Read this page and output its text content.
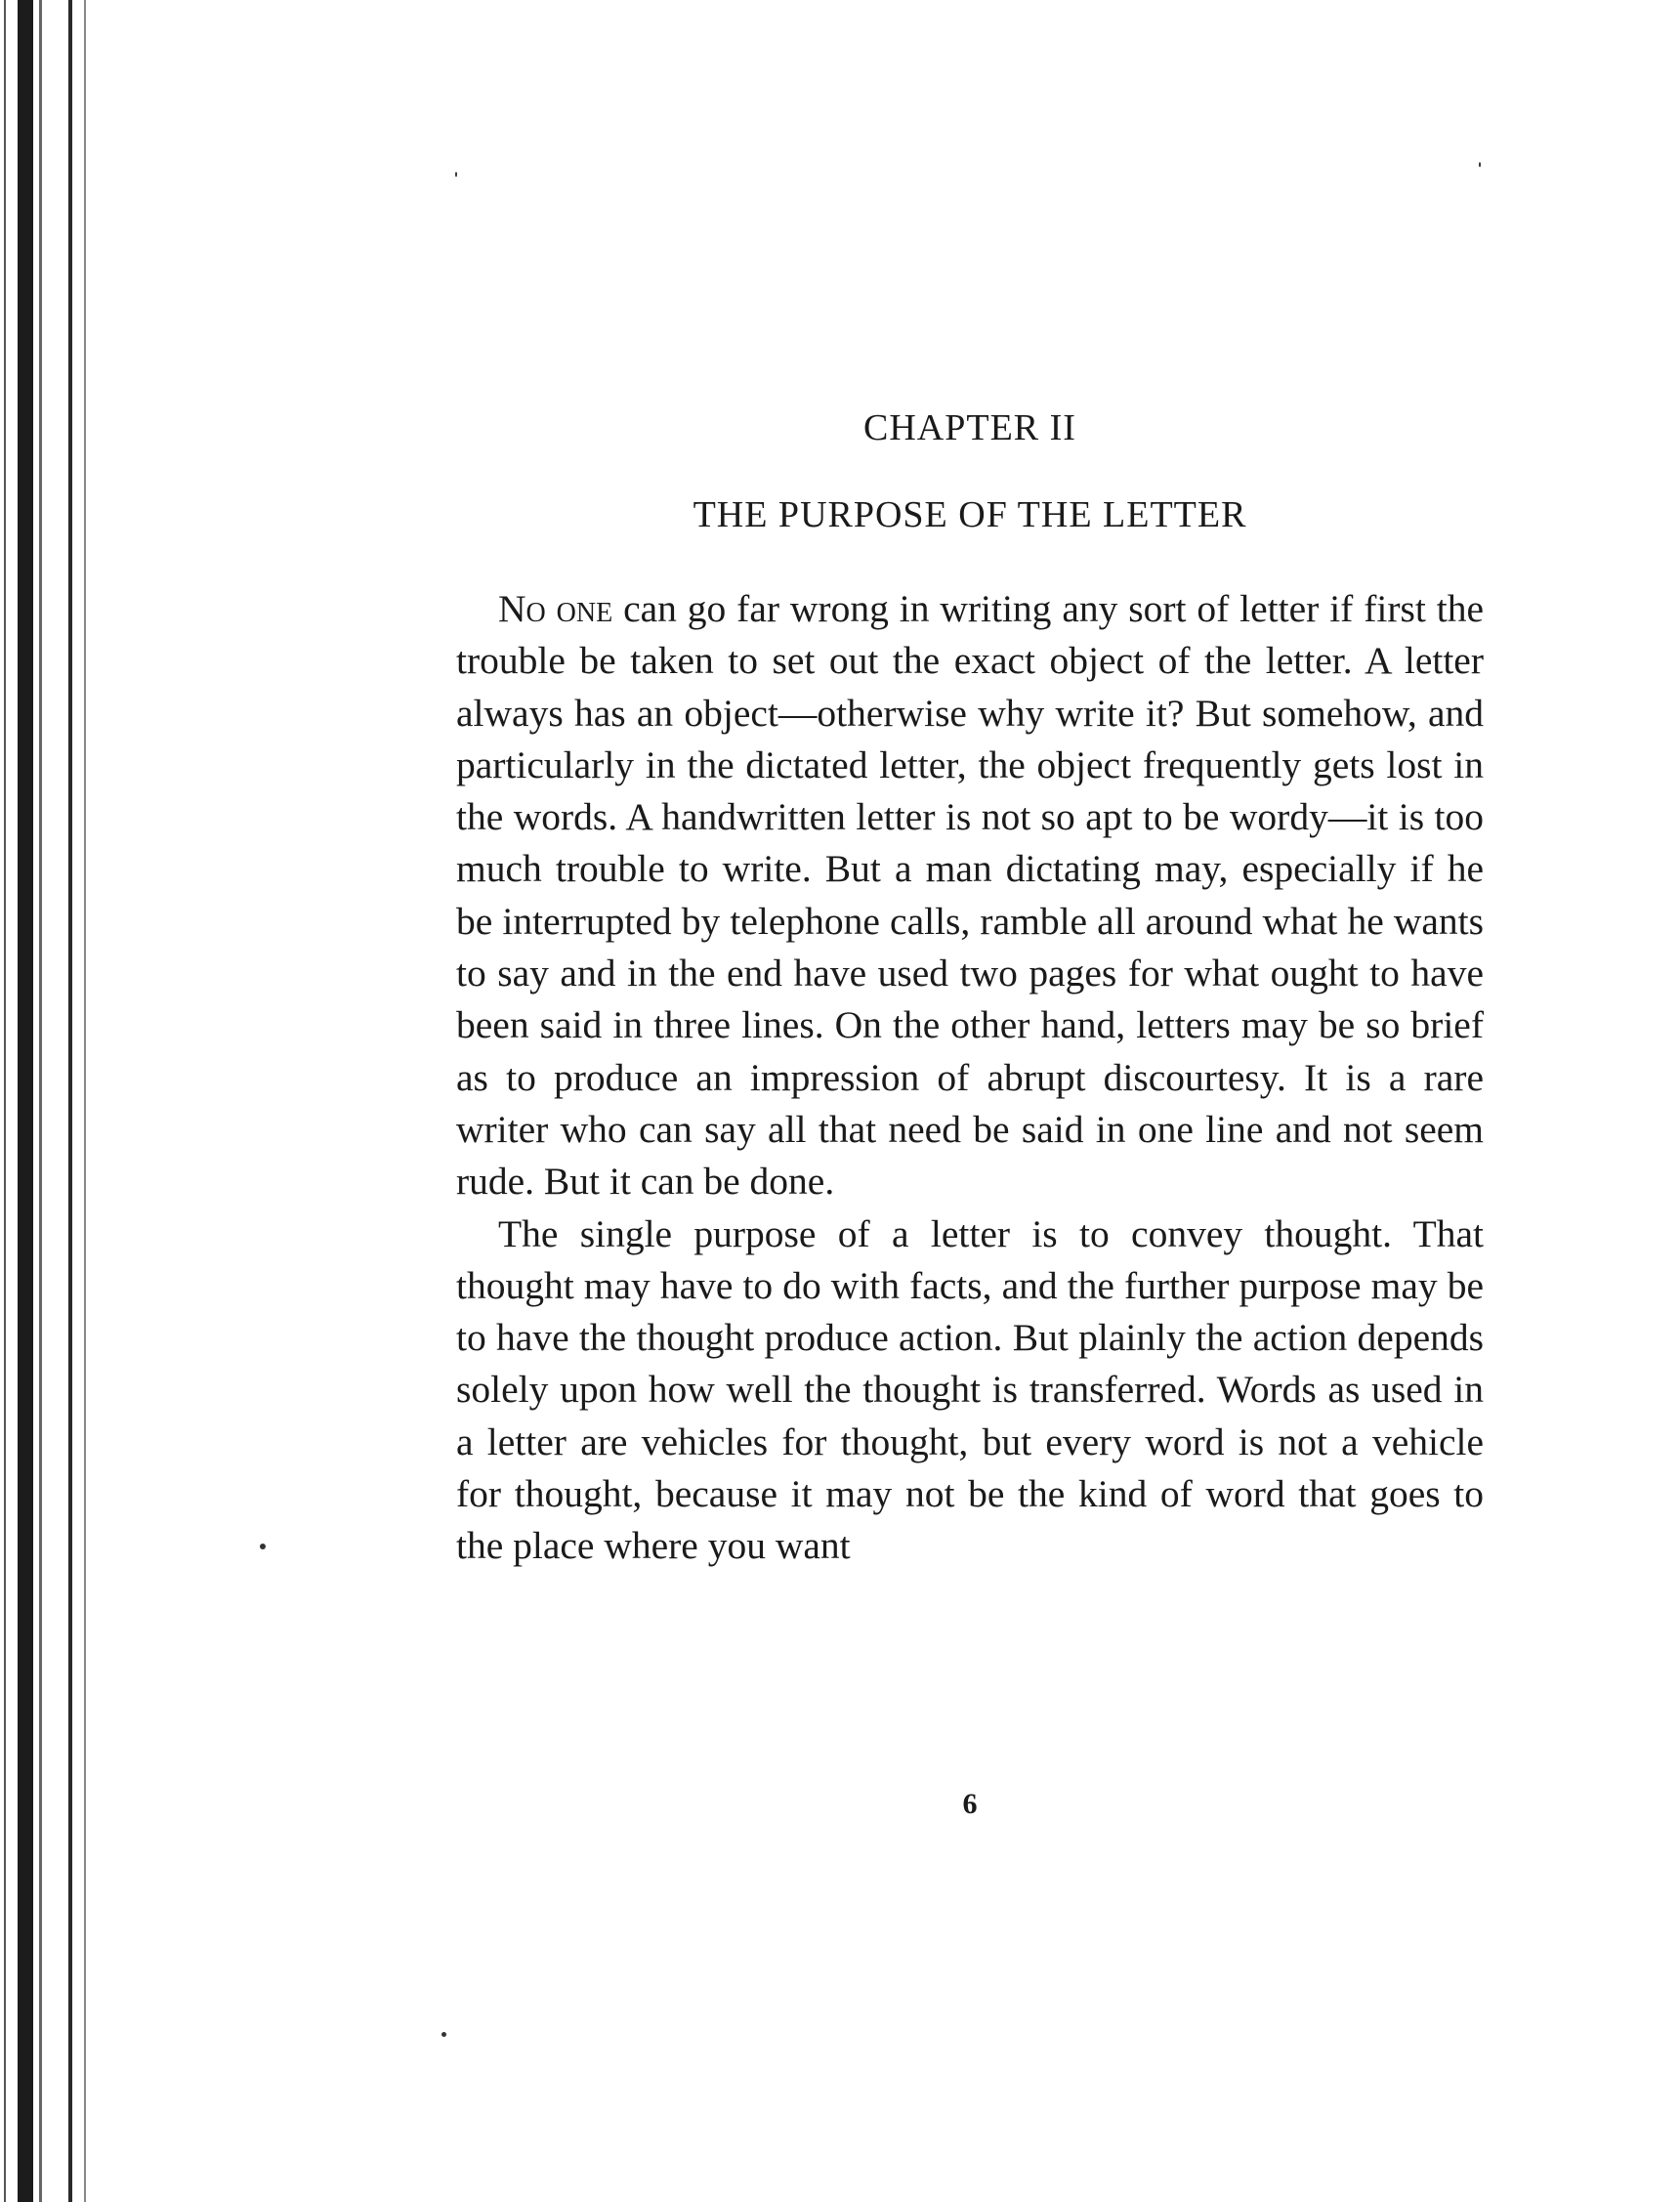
CHAPTER II
THE PURPOSE OF THE LETTER

No one can go far wrong in writing any sort of letter if first the trouble be taken to set out the exact object of the letter. A letter always has an object—otherwise why write it? But somehow, and particularly in the dictated letter, the object frequently gets lost in the words. A handwritten letter is not so apt to be wordy—it is too much trouble to write. But a man dictating may, especially if he be interrupted by telephone calls, ramble all around what he wants to say and in the end have used two pages for what ought to have been said in three lines. On the other hand, letters may be so brief as to produce an impression of abrupt discourtesy. It is a rare writer who can say all that need be said in one line and not seem rude. But it can be done.

The single purpose of a letter is to convey thought. That thought may have to do with facts, and the further purpose may be to have the thought produce action. But plainly the action depends solely upon how well the thought is transferred. Words as used in a letter are vehicles for thought, but every word is not a vehicle for thought, because it may not be the kind of word that goes to the place where you want

6
